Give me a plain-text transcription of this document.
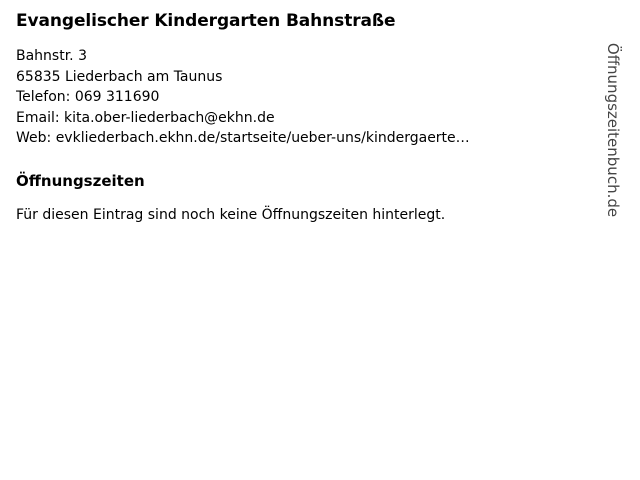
Evangelischer Kindergarten Bahnstraße
Bahnstr. 3
65835 Liederbach am Taunus
Telefon: 069 311690
Email: kita.ober-liederbach@ekhn.de
Web: evkliederbach.ekhn.de/startseite/ueber-uns/kindergaerte…
Öffnungszeiten
Für diesen Eintrag sind noch keine Öffnungszeiten hinterlegt.	Öffnungszeitenbuch.de
